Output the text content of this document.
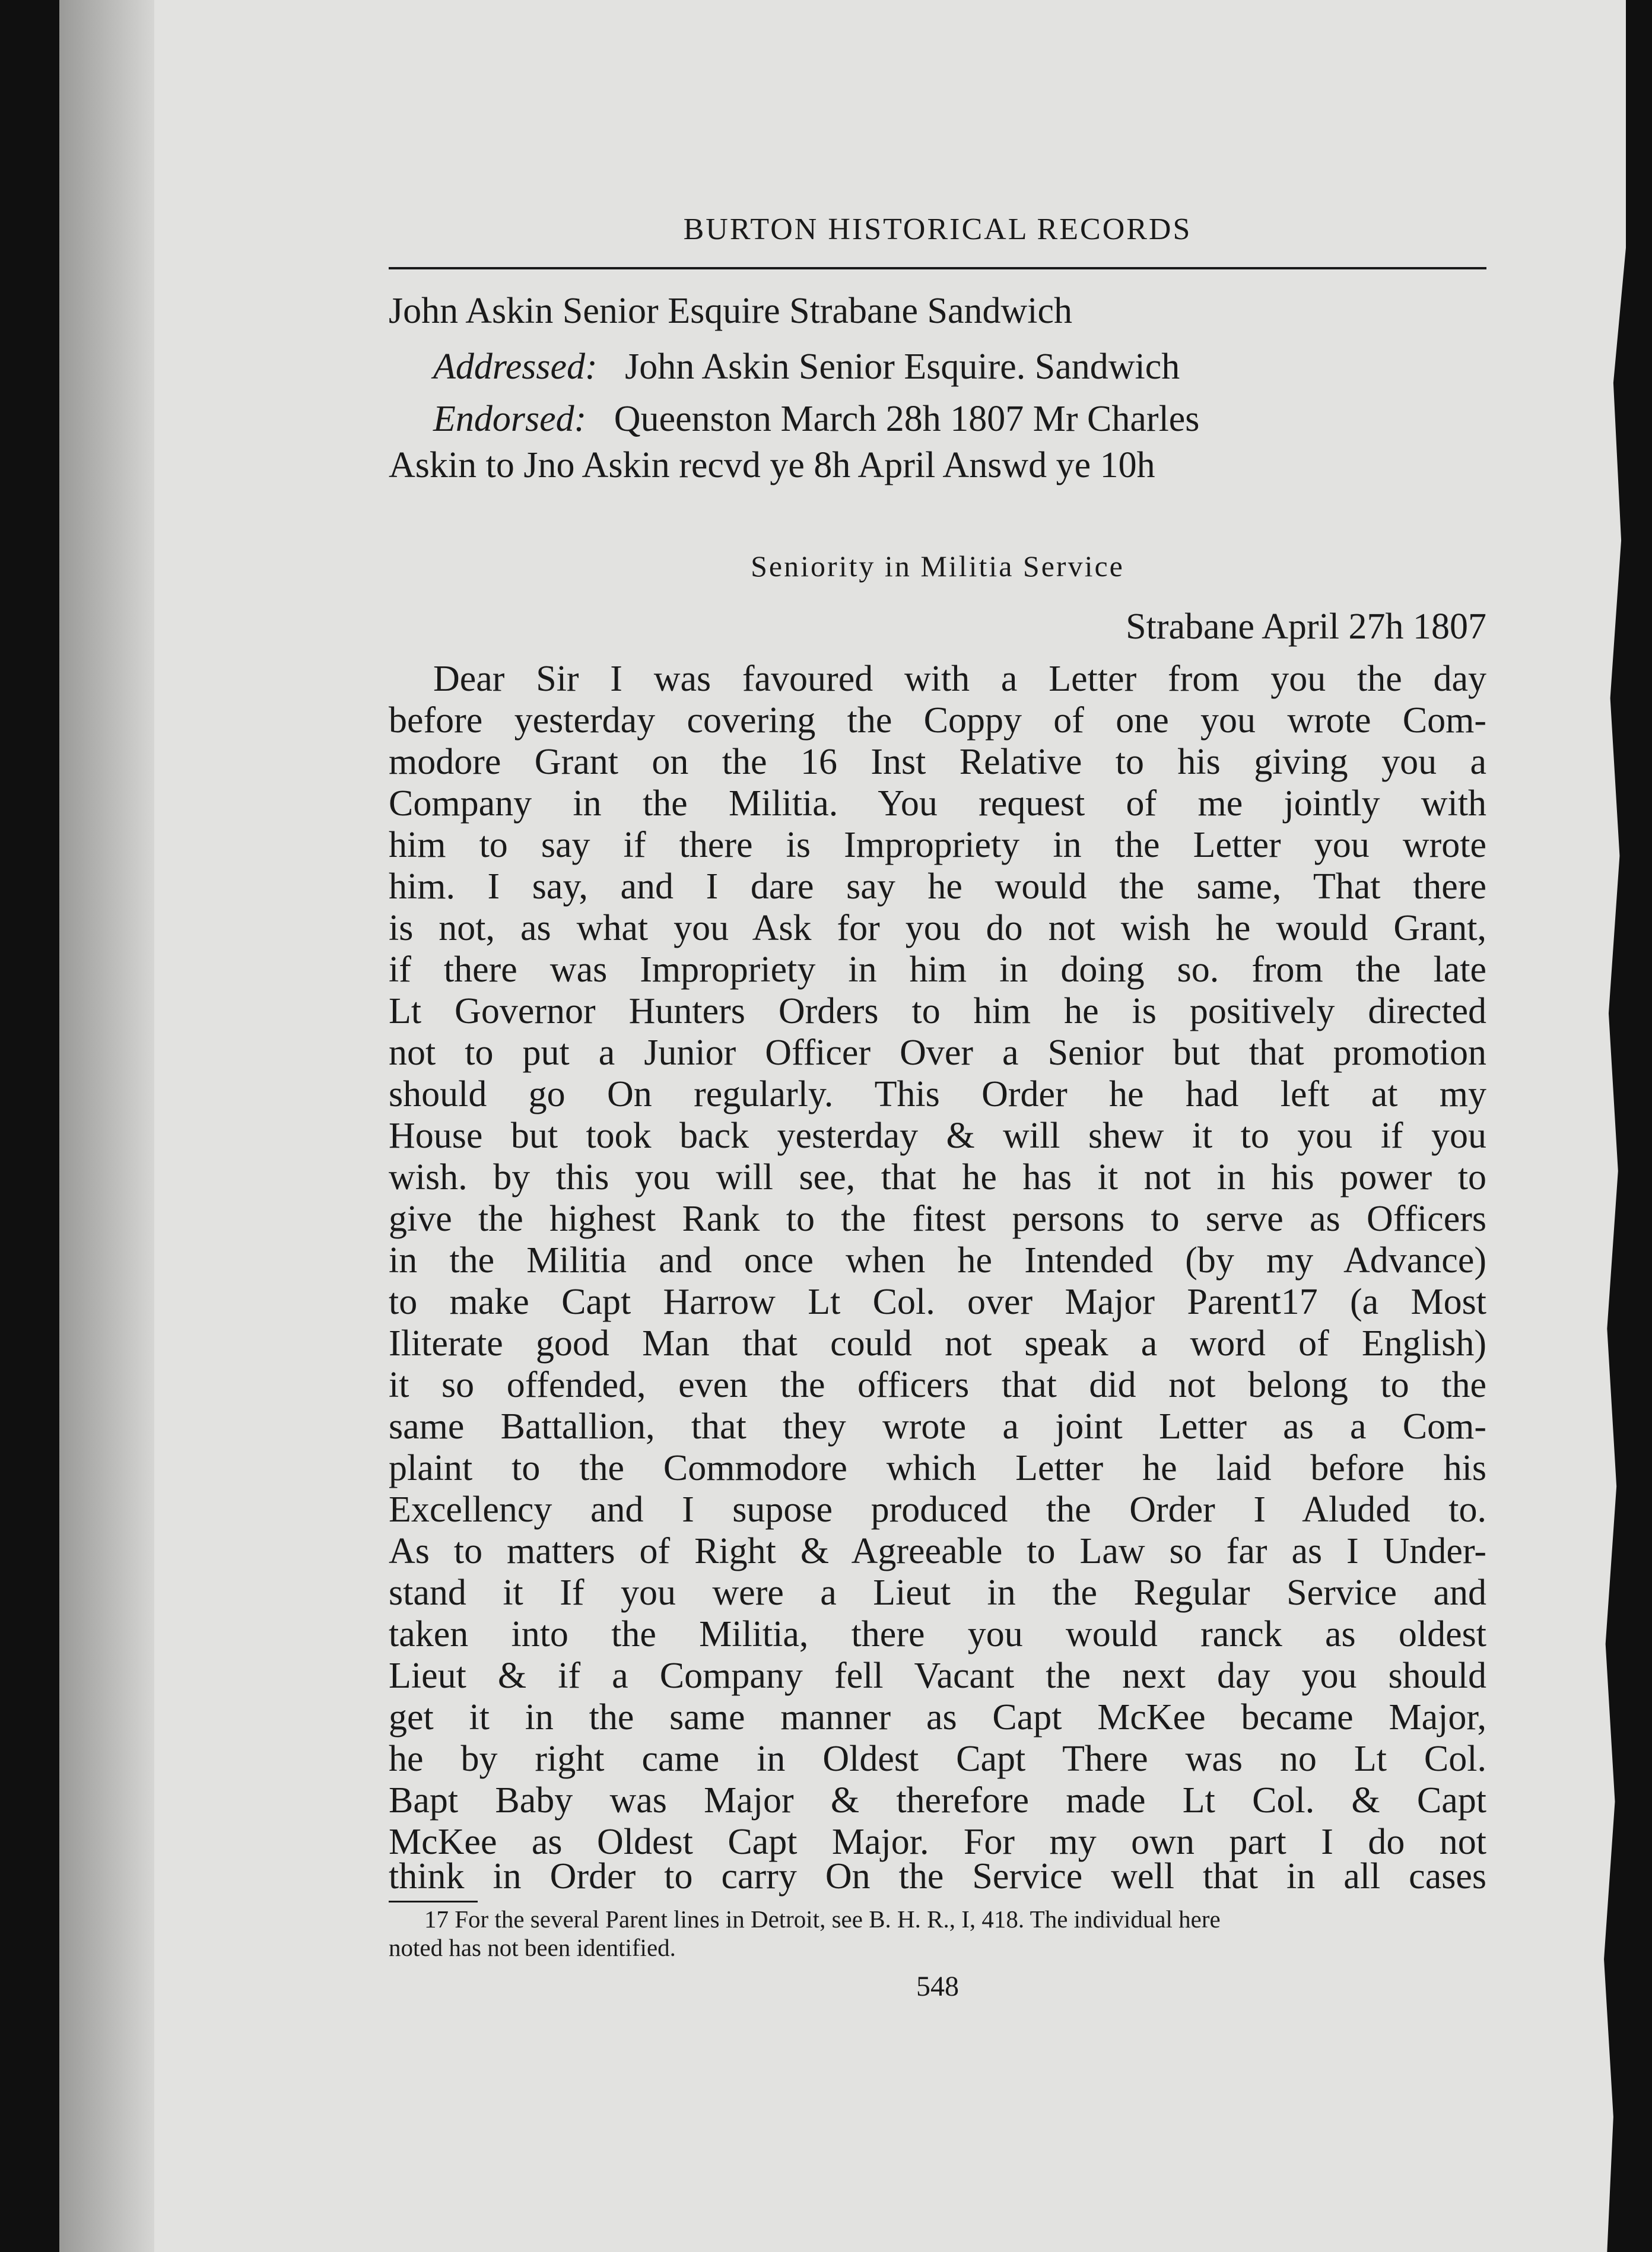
BURTON HISTORICAL RECORDS
John Askin Senior Esquire Strabane Sandwich
Addressed: John Askin Senior Esquire. Sandwich
Endorsed: Queenston March 28h 1807 Mr Charles
Askin to Jno Askin recvd ye 8h April Answd ye 10h
Seniority in Militia Service
Strabane April 27h 1807
Dear Sir I was favoured with a Letter from you the day
before yesterday covering the Coppy of one you wrote Com-
modore Grant on the 16 Inst Relative to his giving you a
Company in the Militia. You request of me jointly with
him to say if there is Impropriety in the Letter you wrote
him. I say, and I dare say he would the same, That there
is not, as what you Ask for you do not wish he would Grant,
if there was Impropriety in him in doing so. from the late
Lt Governor Hunters Orders to him he is positively directed
not to put a Junior Officer Over a Senior but that promotion
should go On regularly. This Order he had left at my
House but took back yesterday & will shew it to you if you
wish. by this you will see, that he has it not in his power to
give the highest Rank to the fitest persons to serve as Officers
in the Militia and once when he Intended (by my Advance)
to make Capt Harrow Lt Col. over Major Parent17 (a Most
Iliterate good Man that could not speak a word of English)
it so offended, even the officers that did not belong to the
same Battallion, that they wrote a joint Letter as a Com-
plaint to the Commodore which Letter he laid before his
Excellency and I supose produced the Order I Aluded to.
As to matters of Right & Agreeable to Law so far as I Under-
stand it If you were a Lieut in the Regular Service and
taken into the Militia, there you would ranck as oldest
Lieut & if a Company fell Vacant the next day you should
get it in the same manner as Capt McKee became Major,
he by right came in Oldest Capt There was no Lt Col.
Bapt Baby was Major & therefore made Lt Col. & Capt
McKee as Oldest Capt Major. For my own part I do not
think in Order to carry On the Service well that in all cases
17 For the several Parent lines in Detroit, see B. H. R., I, 418. The individual here
noted has not been identified.
548
